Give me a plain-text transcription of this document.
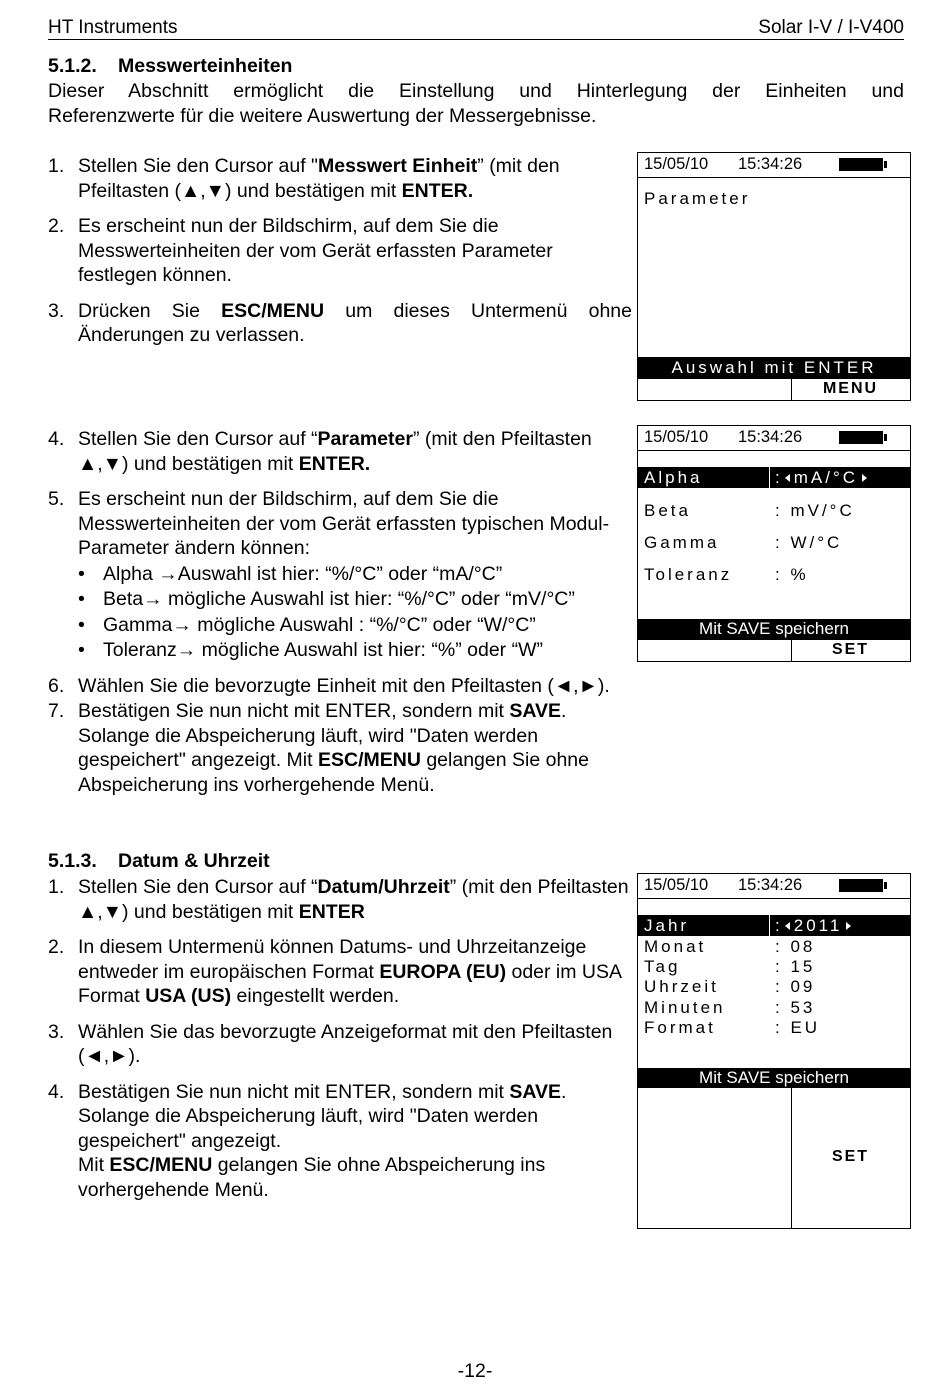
HT Instruments	Solar I-V / I-V400
5.1.2. Messwerteinheiten
Dieser Abschnitt ermöglicht die Einstellung und Hinterlegung der Einheiten und
Referenzwerte für die weitere Auswertung der Messergebnisse.
1. Stellen Sie den Cursor auf "Messwert Einheit” (mit den Pfeiltasten (▲,▼) und bestätigen mit ENTER.
2. Es erscheint nun der Bildschirm, auf dem Sie die Messwerteinheiten der vom Gerät erfassten Parameter festlegen können.
3. Drücken Sie ESC/MENU um dieses Untermenü ohne
Änderungen zu verlassen.
4. Stellen Sie den Cursor auf “Parameter” (mit den Pfeiltasten ▲,▼) und bestätigen mit ENTER.
5. Es erscheint nun der Bildschirm, auf dem Sie die Messwerteinheiten der vom Gerät erfassten typischen Modul-Parameter ändern können:
• Alpha →Auswahl ist hier: “%/°C” oder “mA/°C”
• Beta→ mögliche Auswahl ist hier: “%/°C” oder “mV/°C”
• Gamma→ mögliche Auswahl : “%/°C” oder “W/°C”
• Toleranz→ mögliche Auswahl ist hier: “%” oder “W”
6. Wählen Sie die bevorzugte Einheit mit den Pfeiltasten (◄,►).
7. Bestätigen Sie nun nicht mit ENTER, sondern mit SAVE. Solange die Abspeicherung läuft, wird "Daten werden gespeichert" angezeigt. Mit ESC/MENU gelangen Sie ohne Abspeicherung ins vorhergehende Menü.
5.1.3. Datum & Uhrzeit
1. Stellen Sie den Cursor auf “Datum/Uhrzeit” (mit den Pfeiltasten ▲,▼) und bestätigen mit ENTER
2. In diesem Untermenü können Datums- und Uhrzeitanzeige entweder im europäischen Format EUROPA (EU) oder im USA Format USA (US) eingestellt werden.
3. Wählen Sie das bevorzugte Anzeigeformat mit den Pfeiltasten (◄,►).
4. Bestätigen Sie nun nicht mit ENTER, sondern mit SAVE. Solange die Abspeicherung läuft, wird "Daten werden gespeichert" angezeigt.
Mit ESC/MENU gelangen Sie ohne Abspeicherung ins vorhergehende Menü.
15/05/10 15:34:26
Parameter
Auswahl mit ENTER
MENU
15/05/10 15:34:26
Alpha	: mA/°C
Beta	: mV/°C
Gamma	: W/°C
Toleranz	: %
Mit SAVE speichern
SET
15/05/10 15:34:26
Jahr	: 2011
Monat	: 08
Tag	: 15
Uhrzeit	: 09
Minuten	: 53
Format	: EU
Mit SAVE speichern
SET
-12-
